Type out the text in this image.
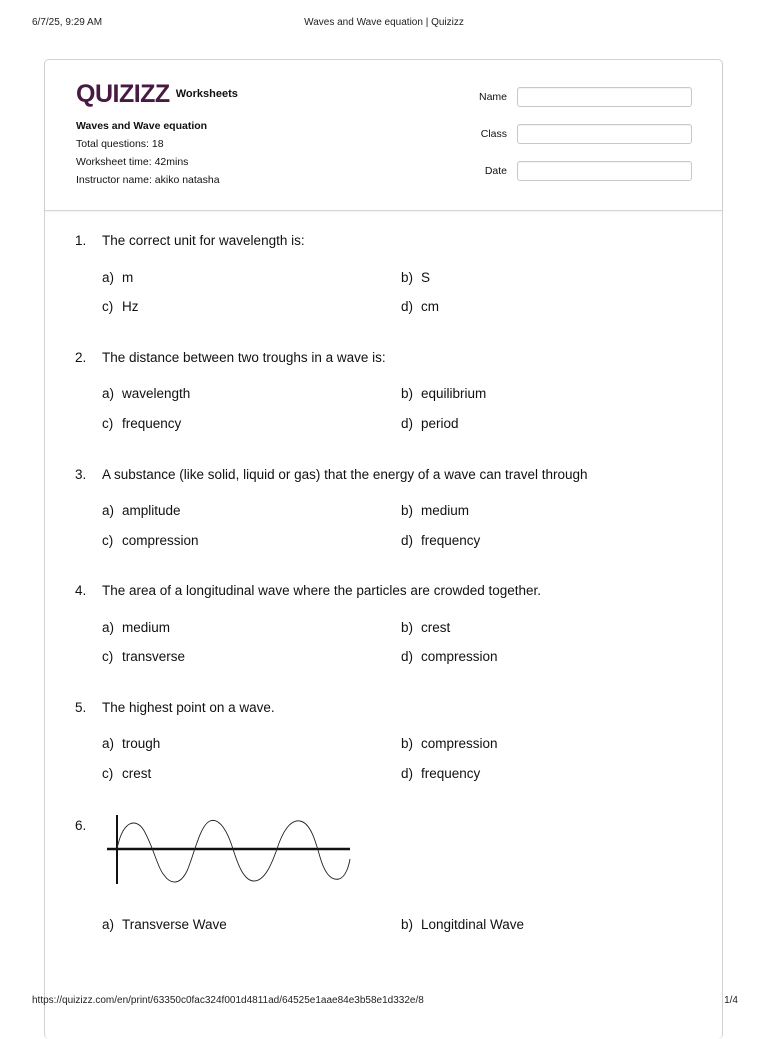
6/7/25, 9:29 AM	Waves and Wave equation | Quizizz
QUIZIZZ Worksheets
Waves and Wave equation
Total questions: 18
Worksheet time: 42mins
Instructor name: akiko natasha
Name
Class
Date
1. The correct unit for wavelength is:
a) m	b) S
c) Hz	d) cm
2. The distance between two troughs in a wave is:
a) wavelength	b) equilibrium
c) frequency	d) period
3. A substance (like solid, liquid or gas) that the energy of a wave can travel through
a) amplitude	b) medium
c) compression	d) frequency
4. The area of a longitudinal wave where the particles are crowded together.
a) medium	b) crest
c) transverse	d) compression
5. The highest point on a wave.
a) trough	b) compression
c) crest	d) frequency
6.
a) Transverse Wave	b) Longitdinal Wave
https://quizizz.com/en/print/63350c0fac324f001d4811ad/64525e1aae84e3b58e1d332e/8	1/4
